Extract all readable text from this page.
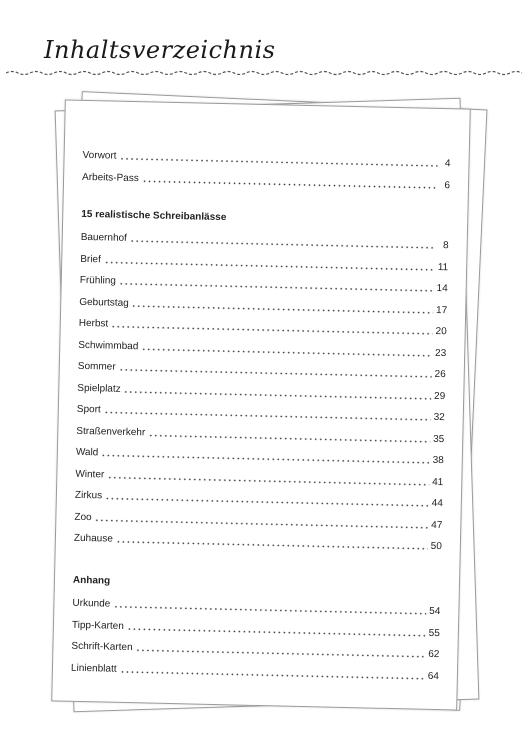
Inhaltsverzeichnis
Vorwort
4
Arbeits-Pass
6
15 realistische Schreibanlässe
Bauernhof
8
Brief
11
Frühling
14
Geburtstag
17
Herbst
20
Schwimmbad
23
Sommer
26
Spielplatz
29
Sport
32
Straßenverkehr
35
Wald
38
Winter
41
Zirkus
44
Zoo
47
Zuhause
50
Anhang
Urkunde
54
Tipp-Karten
55
Schrift-Karten
62
Linienblatt
64
